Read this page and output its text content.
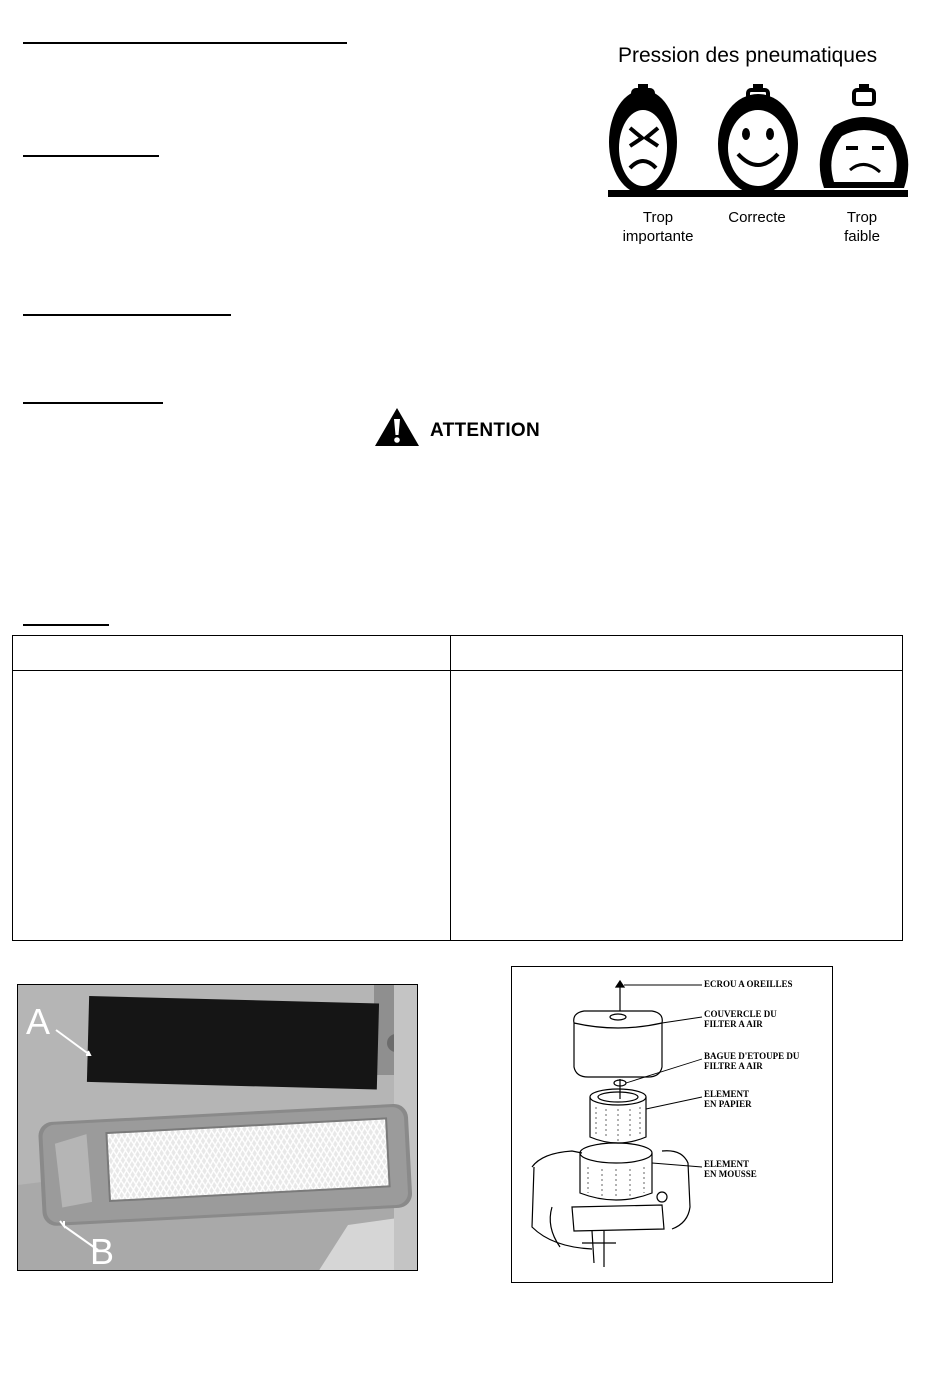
Pression des pneumatiques
Trop
importante
Correcte	Trop
faible
ATTENTION
A
B
ECROU A OREILLES
COUVERCLE DU
FILTER A AIR
BAGUE D'ETOUPE DU
FILTRE A AIR
ELEMENT
EN PAPIER
ELEMENT
EN MOUSSE
